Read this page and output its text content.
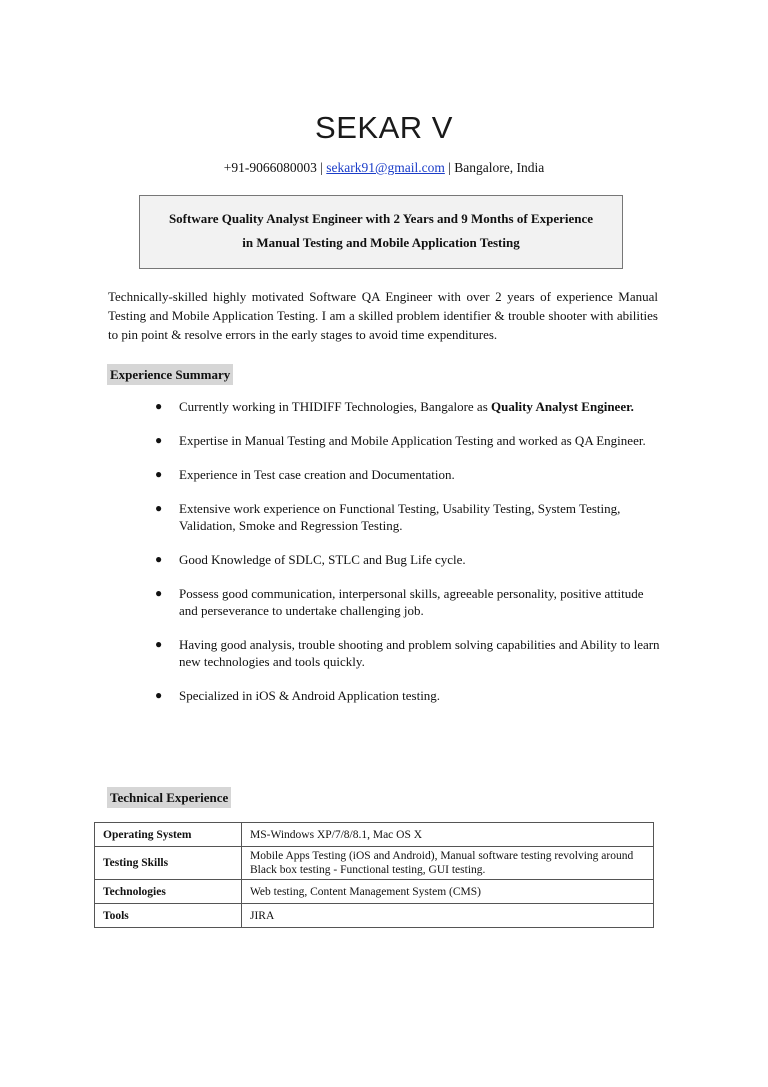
SEKAR V
+91-9066080003 | sekark91@gmail.com | Bangalore, India
Software Quality Analyst Engineer with 2 Years and 9 Months of Experience
in Manual Testing and Mobile Application Testing
Technically-skilled highly motivated Software QA Engineer with over 2 years of experience Manual Testing and Mobile Application Testing. I am a skilled problem identifier & trouble shooter with abilities to pin point & resolve errors in the early stages to avoid time expenditures.
Experience Summary
● Currently working in THIDIFF Technologies, Bangalore as Quality Analyst Engineer.
● Expertise in Manual Testing and Mobile Application Testing and worked as QA Engineer.
● Experience in Test case creation and Documentation.
● Extensive work experience on Functional Testing, Usability Testing, System Testing, Validation, Smoke and Regression Testing.
● Good Knowledge of SDLC, STLC and Bug Life cycle.
● Possess good communication, interpersonal skills, agreeable personality, positive attitude and perseverance to undertake challenging job.
● Having good analysis, trouble shooting and problem solving capabilities and Ability to learn new technologies and tools quickly.
● Specialized in iOS & Android Application testing.
Technical Experience
Operating System	MS-Windows XP/7/8/8.1, Mac OS X
Testing Skills	Mobile Apps Testing (iOS and Android), Manual software testing revolving around Black box testing - Functional testing, GUI testing.
Technologies	Web testing, Content Management System (CMS)
Tools	JIRA
